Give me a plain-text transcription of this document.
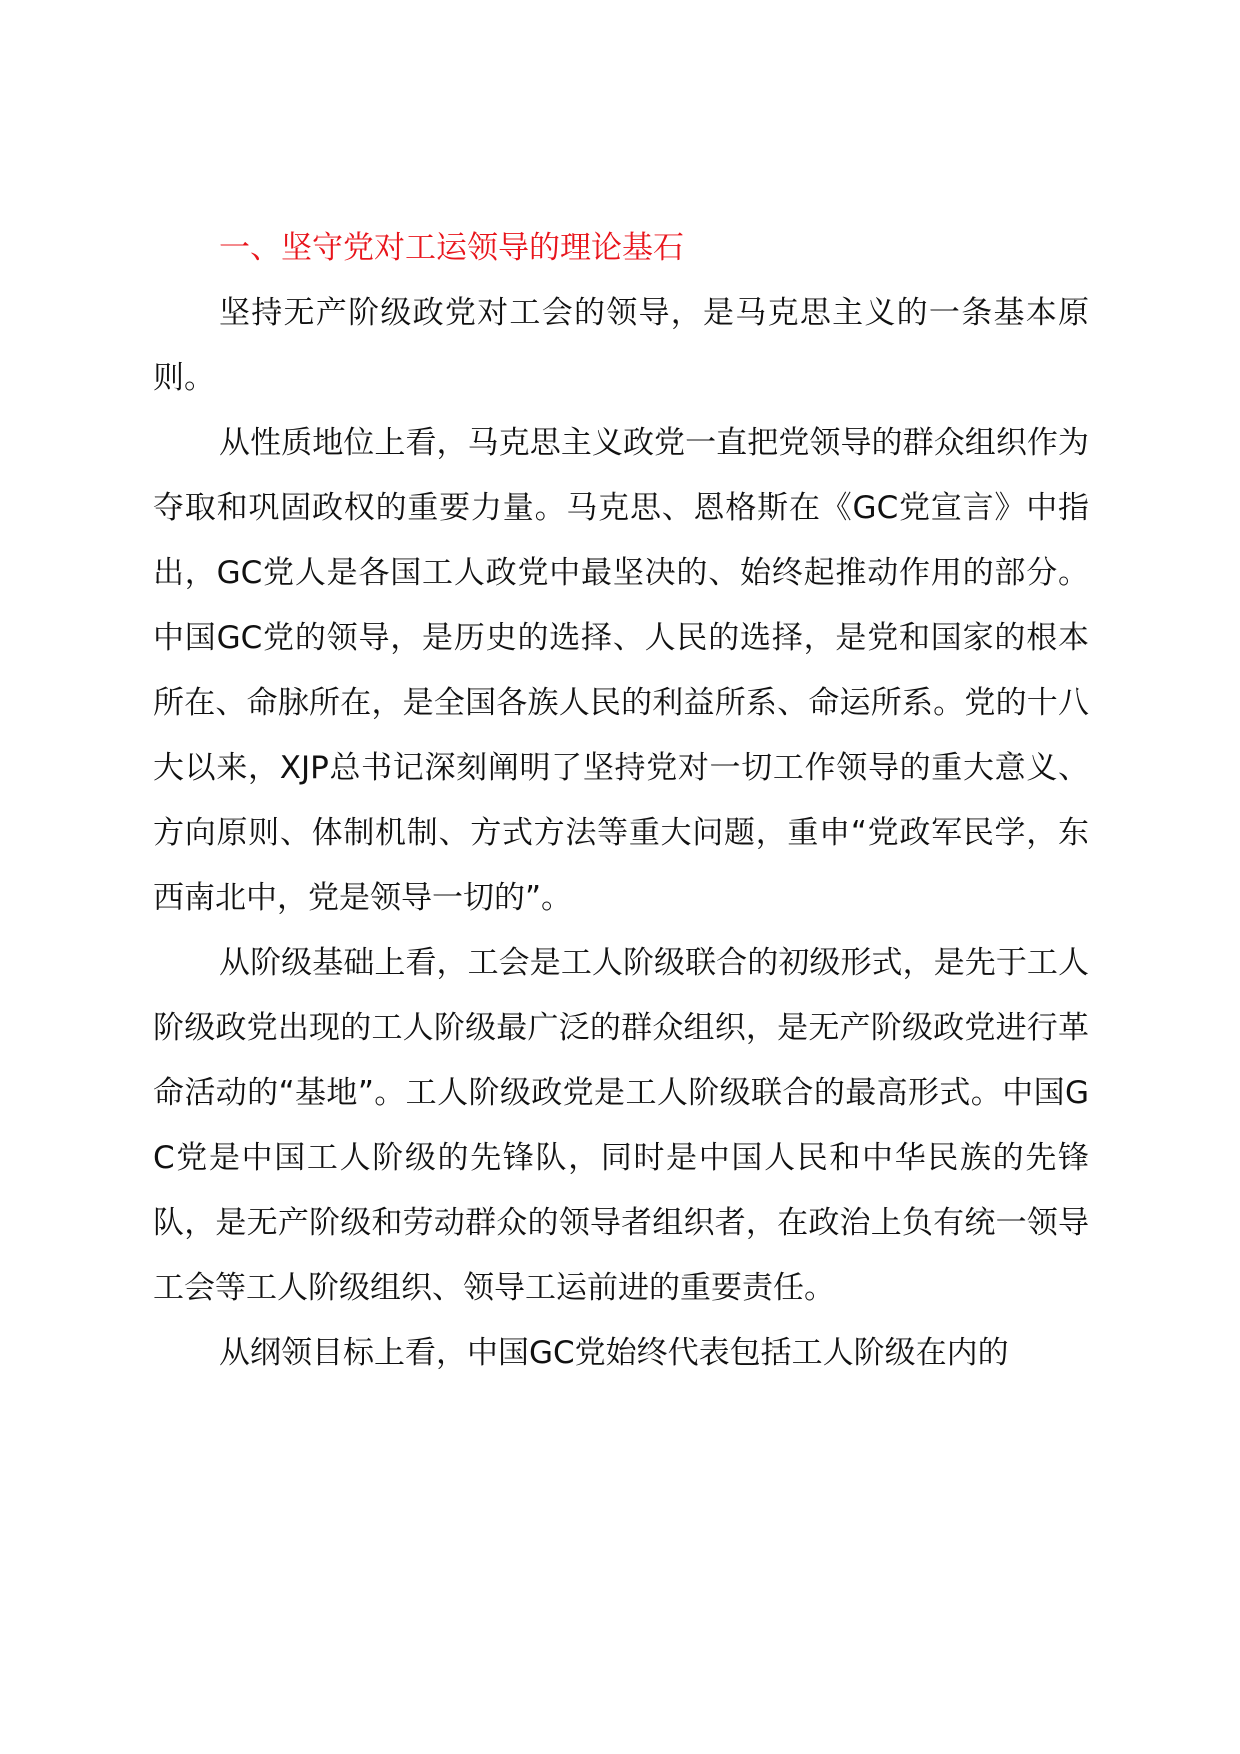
一、坚守党对工运领导的理论基石

坚持无产阶级政党对工会的领导，是马克思主义的一条基本原则。

从性质地位上看，马克思主义政党一直把党领导的群众组织作为夺取和巩固政权的重要力量。马克思、恩格斯在《GC党宣言》中指出，GC党人是各国工人政党中最坚决的、始终起推动作用的部分。中国GC党的领导，是历史的选择、人民的选择，是党和国家的根本所在、命脉所在，是全国各族人民的利益所系、命运所系。党的十八大以来，XJP总书记深刻阐明了坚持党对一切工作领导的重大意义、方向原则、体制机制、方式方法等重大问题，重申“党政军民学，东西南北中，党是领导一切的”。

从阶级基础上看，工会是工人阶级联合的初级形式，是先于工人阶级政党出现的工人阶级最广泛的群众组织，是无产阶级政党进行革命活动的“基地”。工人阶级政党是工人阶级联合的最高形式。中国GC党是中国工人阶级的先锋队，同时是中国人民和中华民族的先锋队，是无产阶级和劳动群众的领导者组织者，在政治上负有统一领导工会等工人阶级组织、领导工运前进的重要责任。

从纲领目标上看，中国GC党始终代表包括工人阶级在内的
